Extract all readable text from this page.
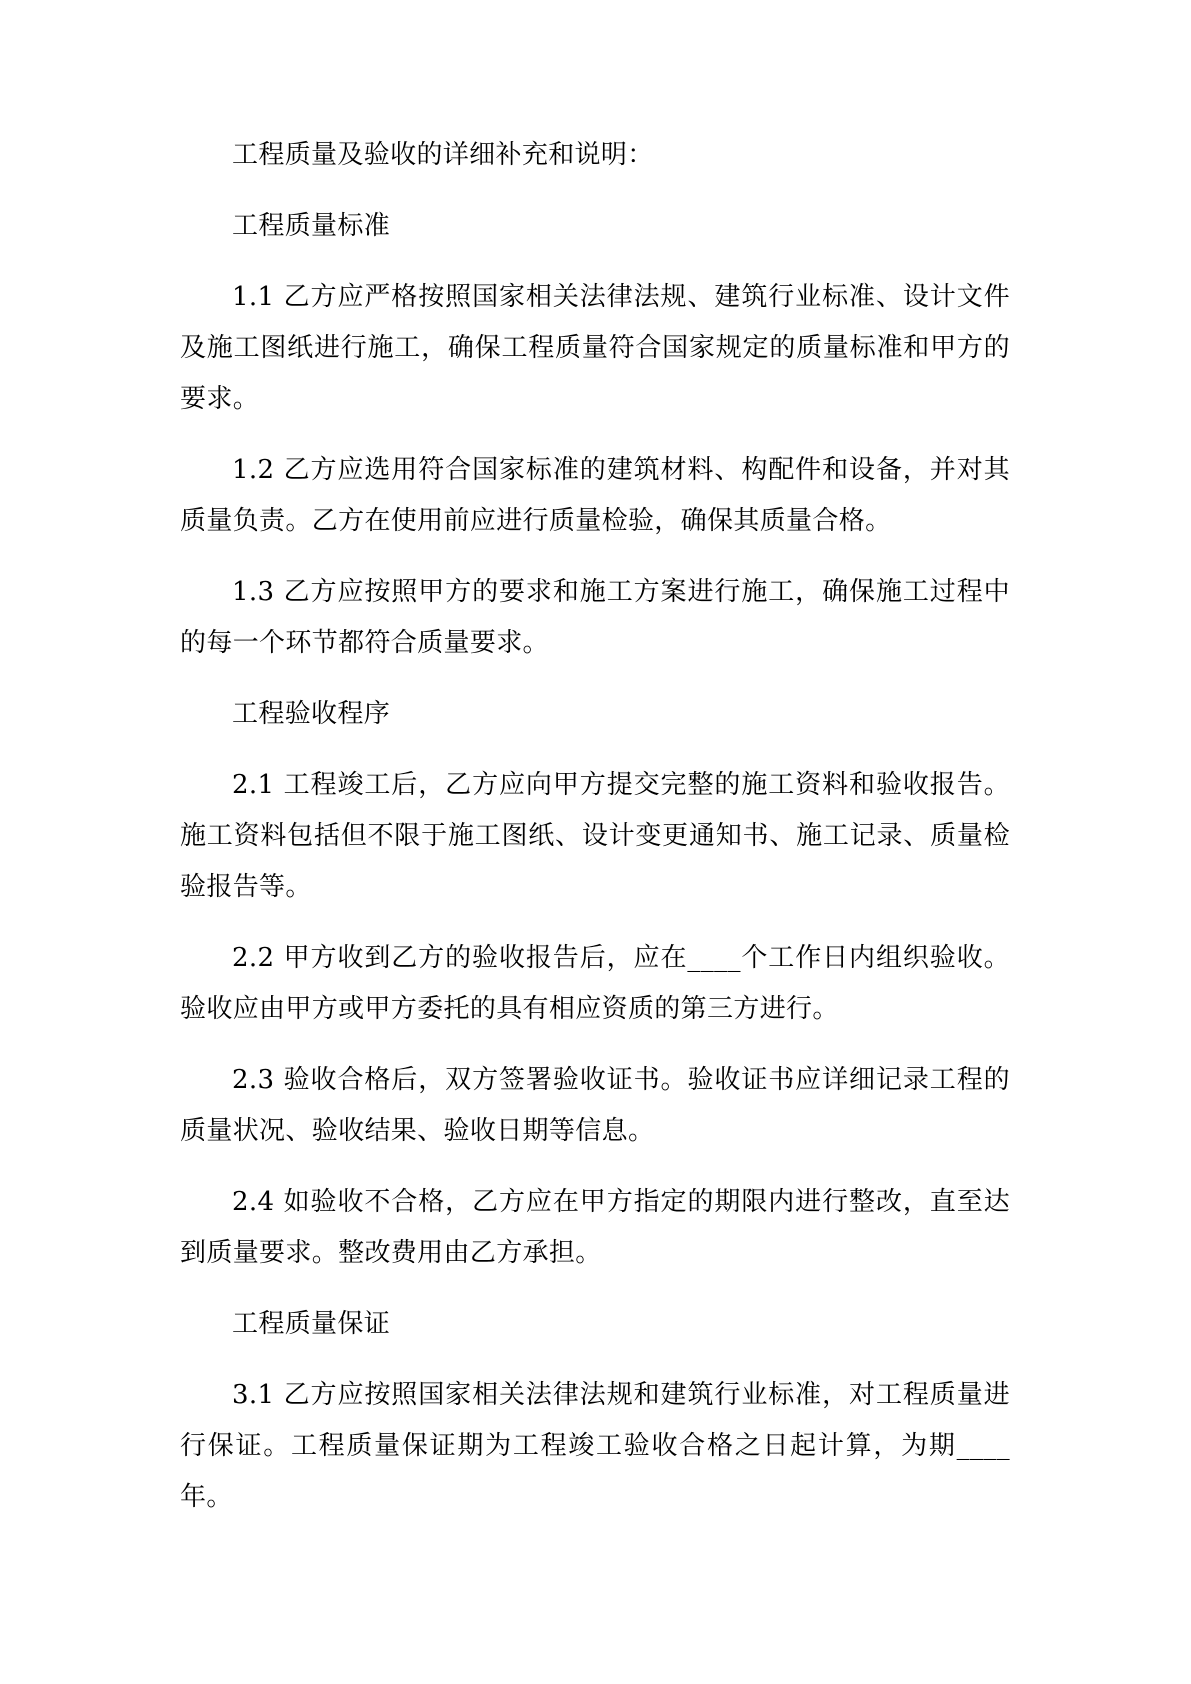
工程质量及验收的详细补充和说明：

工程质量标准

1.1 乙方应严格按照国家相关法律法规、建筑行业标准、设计文件及施工图纸进行施工，确保工程质量符合国家规定的质量标准和甲方的要求。

1.2 乙方应选用符合国家标准的建筑材料、构配件和设备，并对其质量负责。乙方在使用前应进行质量检验，确保其质量合格。

1.3 乙方应按照甲方的要求和施工方案进行施工，确保施工过程中的每一个环节都符合质量要求。

工程验收程序

2.1 工程竣工后，乙方应向甲方提交完整的施工资料和验收报告。施工资料包括但不限于施工图纸、设计变更通知书、施工记录、质量检验报告等。

2.2 甲方收到乙方的验收报告后，应在____个工作日内组织验收。验收应由甲方或甲方委托的具有相应资质的第三方进行。

2.3 验收合格后，双方签署验收证书。验收证书应详细记录工程的质量状况、验收结果、验收日期等信息。

2.4 如验收不合格，乙方应在甲方指定的期限内进行整改，直至达到质量要求。整改费用由乙方承担。

工程质量保证

3.1 乙方应按照国家相关法律法规和建筑行业标准，对工程质量进行保证。工程质量保证期为工程竣工验收合格之日起计算，为期____年。
